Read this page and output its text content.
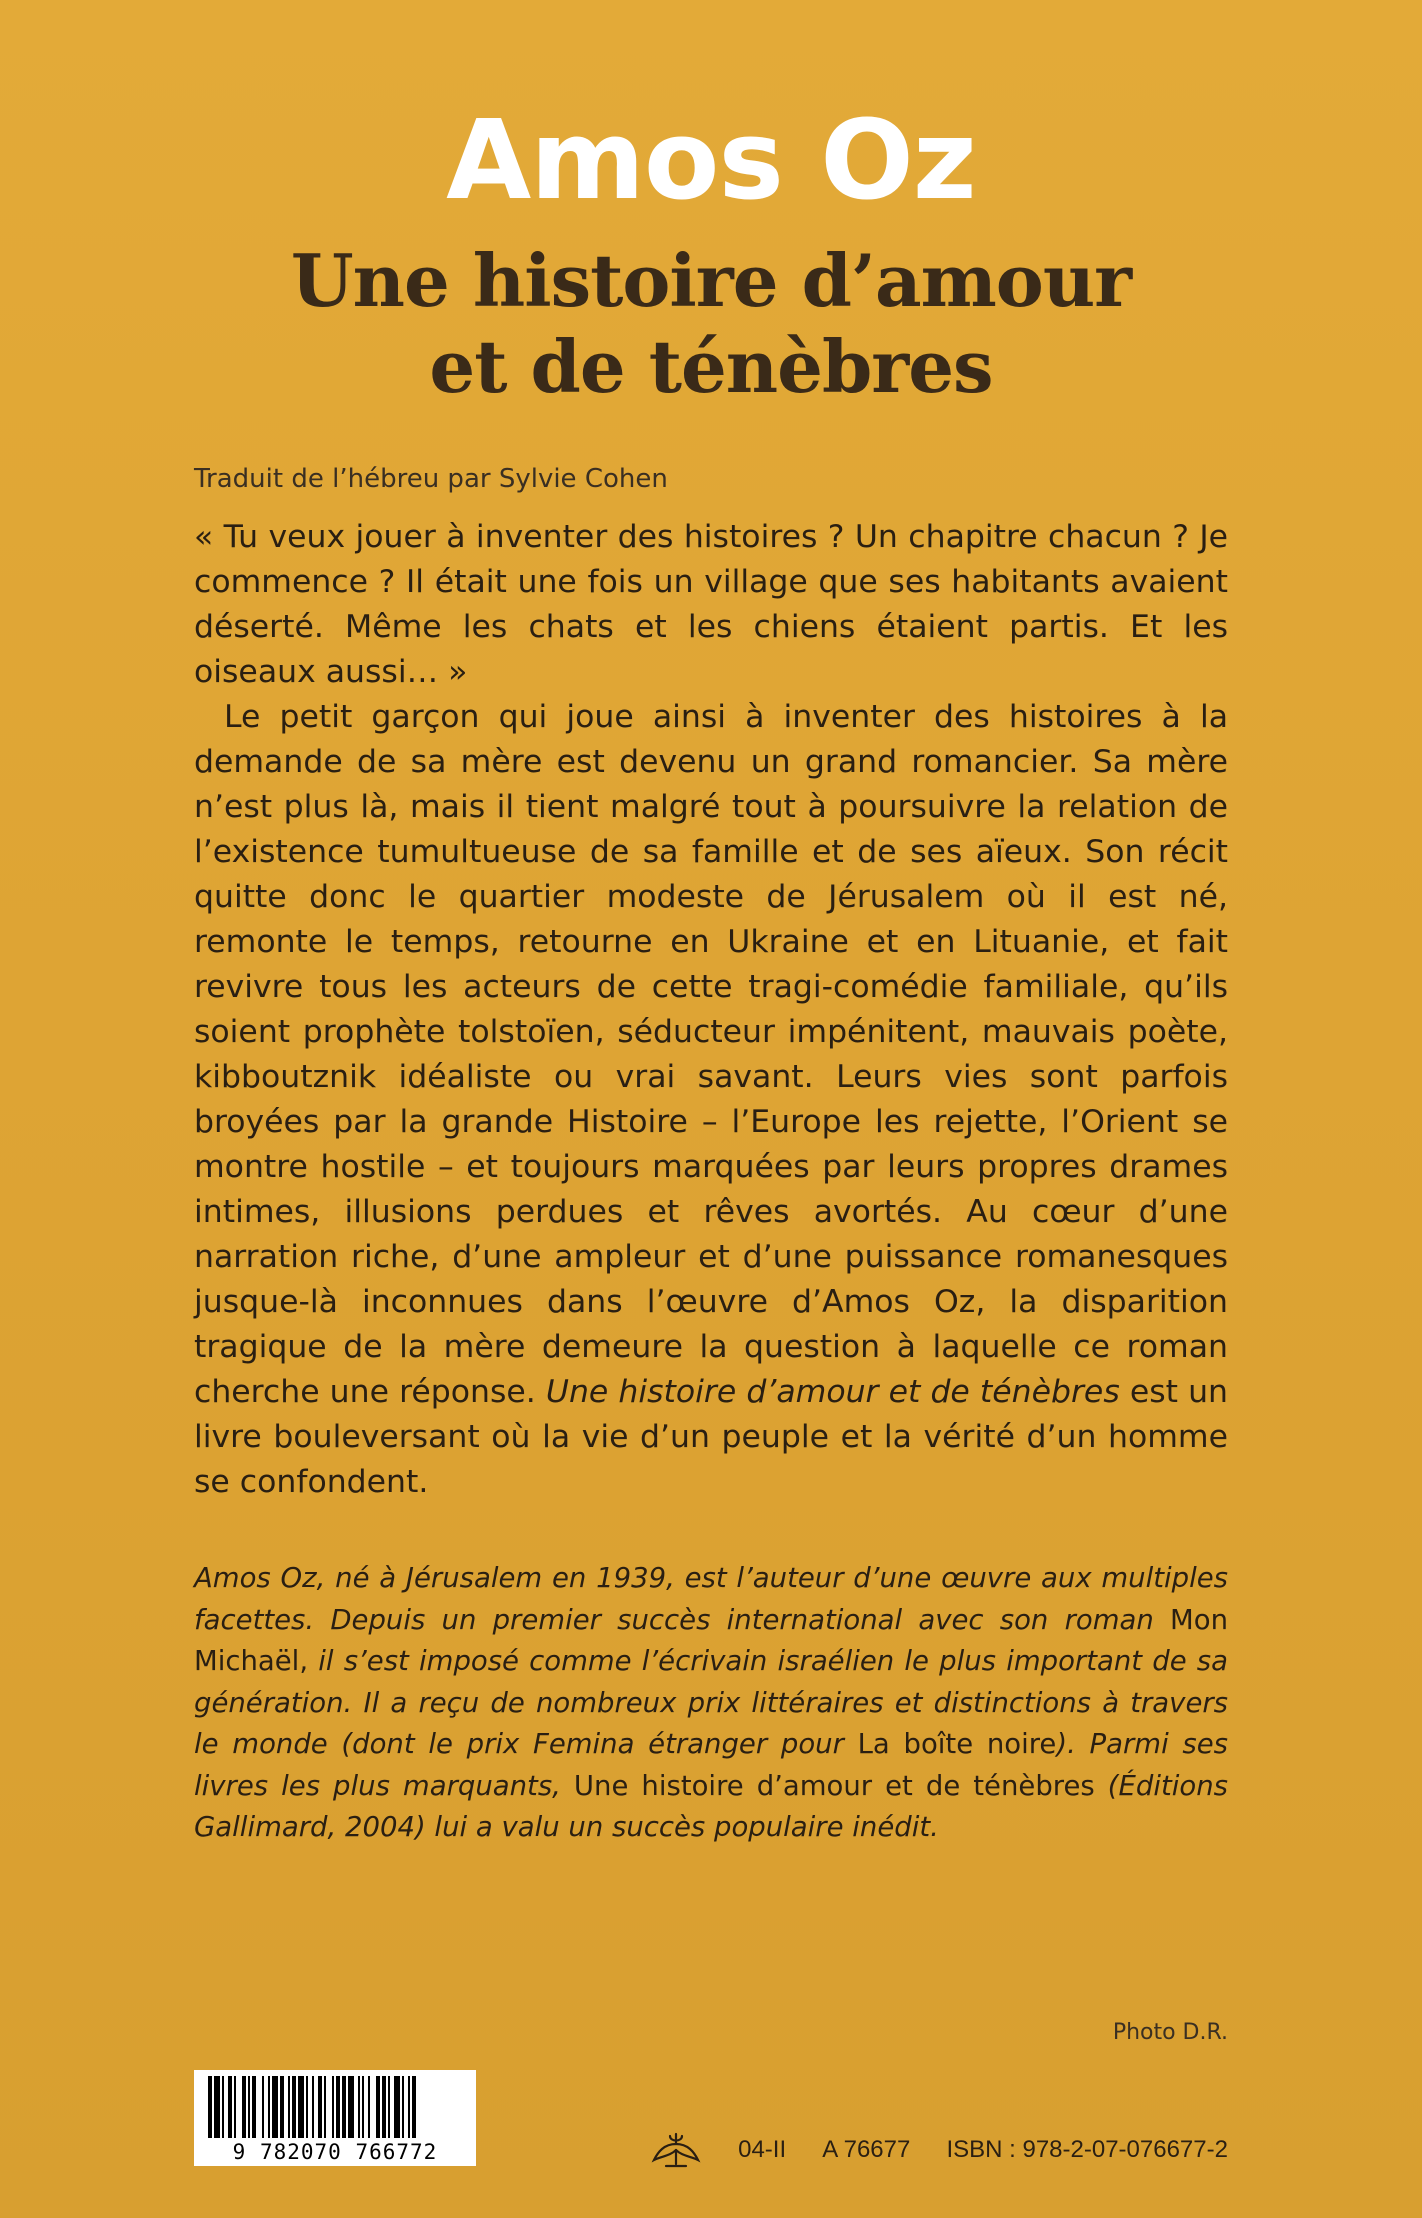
Amos Oz
Une histoire d’amour
et de ténèbres
Traduit de l’hébreu par Sylvie Cohen

« Tu veux jouer à inventer des histoires ? Un chapitre chacun ? Je commence ? Il était une fois un village que ses habitants avaient déserté. Même les chats et les chiens étaient partis. Et les oiseaux aussi… »

Le petit garçon qui joue ainsi à inventer des histoires à la demande de sa mère est devenu un grand romancier. Sa mère n’est plus là, mais il tient malgré tout à poursuivre la relation de l’existence tumultueuse de sa famille et de ses aïeux. Son récit quitte donc le quartier modeste de Jérusalem où il est né, remonte le temps, retourne en Ukraine et en Lituanie, et fait revivre tous les acteurs de cette tragi-comédie familiale, qu’ils soient prophète tolstoïen, séducteur impénitent, mauvais poète, kibboutznik idéaliste ou vrai savant. Leurs vies sont parfois broyées par la grande Histoire – l’Europe les rejette, l’Orient se montre hostile – et toujours marquées par leurs propres drames intimes, illusions perdues et rêves avortés. Au cœur d’une narration riche, d’une ampleur et d’une puissance romanesques jusque-là inconnues dans l’œuvre d’Amos Oz, la disparition tragique de la mère demeure la question à laquelle ce roman cherche une réponse. Une histoire d’amour et de ténèbres est un livre bouleversant où la vie d’un peuple et la vérité d’un homme se confondent.

Amos Oz, né à Jérusalem en 1939, est l’auteur d’une œuvre aux multiples facettes. Depuis un premier succès international avec son roman Mon Michaël, il s’est imposé comme l’écrivain israélien le plus important de sa génération. Il a reçu de nombreux prix littéraires et distinctions à travers le monde (dont le prix Femina étranger pour La boîte noire). Parmi ses livres les plus marquants, Une histoire d’amour et de ténèbres (Éditions Gallimard, 2004) lui a valu un succès populaire inédit.
Photo D.R.
9 782070 766772	04-II A 76677 ISBN : 978-2-07-076677-2
